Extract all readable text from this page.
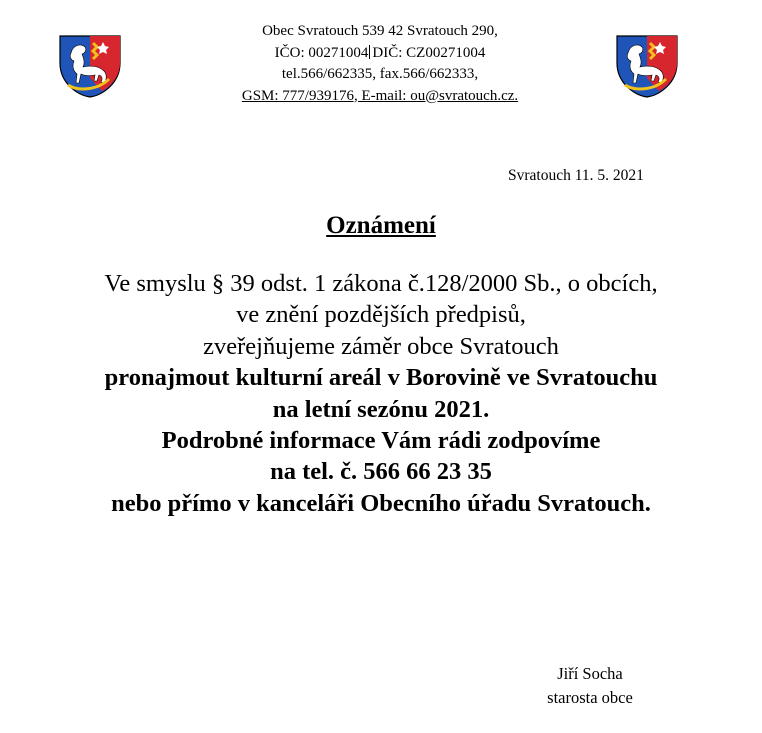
Obec Svratouch 539 42 Svratouch 290,
IČO: 00271004 DIČ: CZ00271004
tel.566/662335, fax.566/662333,
GSM: 777/939176, E-mail: ou@svratouch.cz.
Svratouch 11. 5. 2021
Oznámení
Ve smyslu § 39 odst. 1 zákona č.128/2000 Sb., o obcích,
ve znění pozdějších předpisů,
zveřejňujeme záměr obce Svratouch
pronajmout kulturní areál v Borovině ve Svratouchu
na letní sezónu 2021.
Podrobné informace Vám rádi zodpovíme
na tel. č. 566 66 23 35
nebo přímo v kanceláři Obecního úřadu Svratouch.
Jiří Socha
starosta obce
